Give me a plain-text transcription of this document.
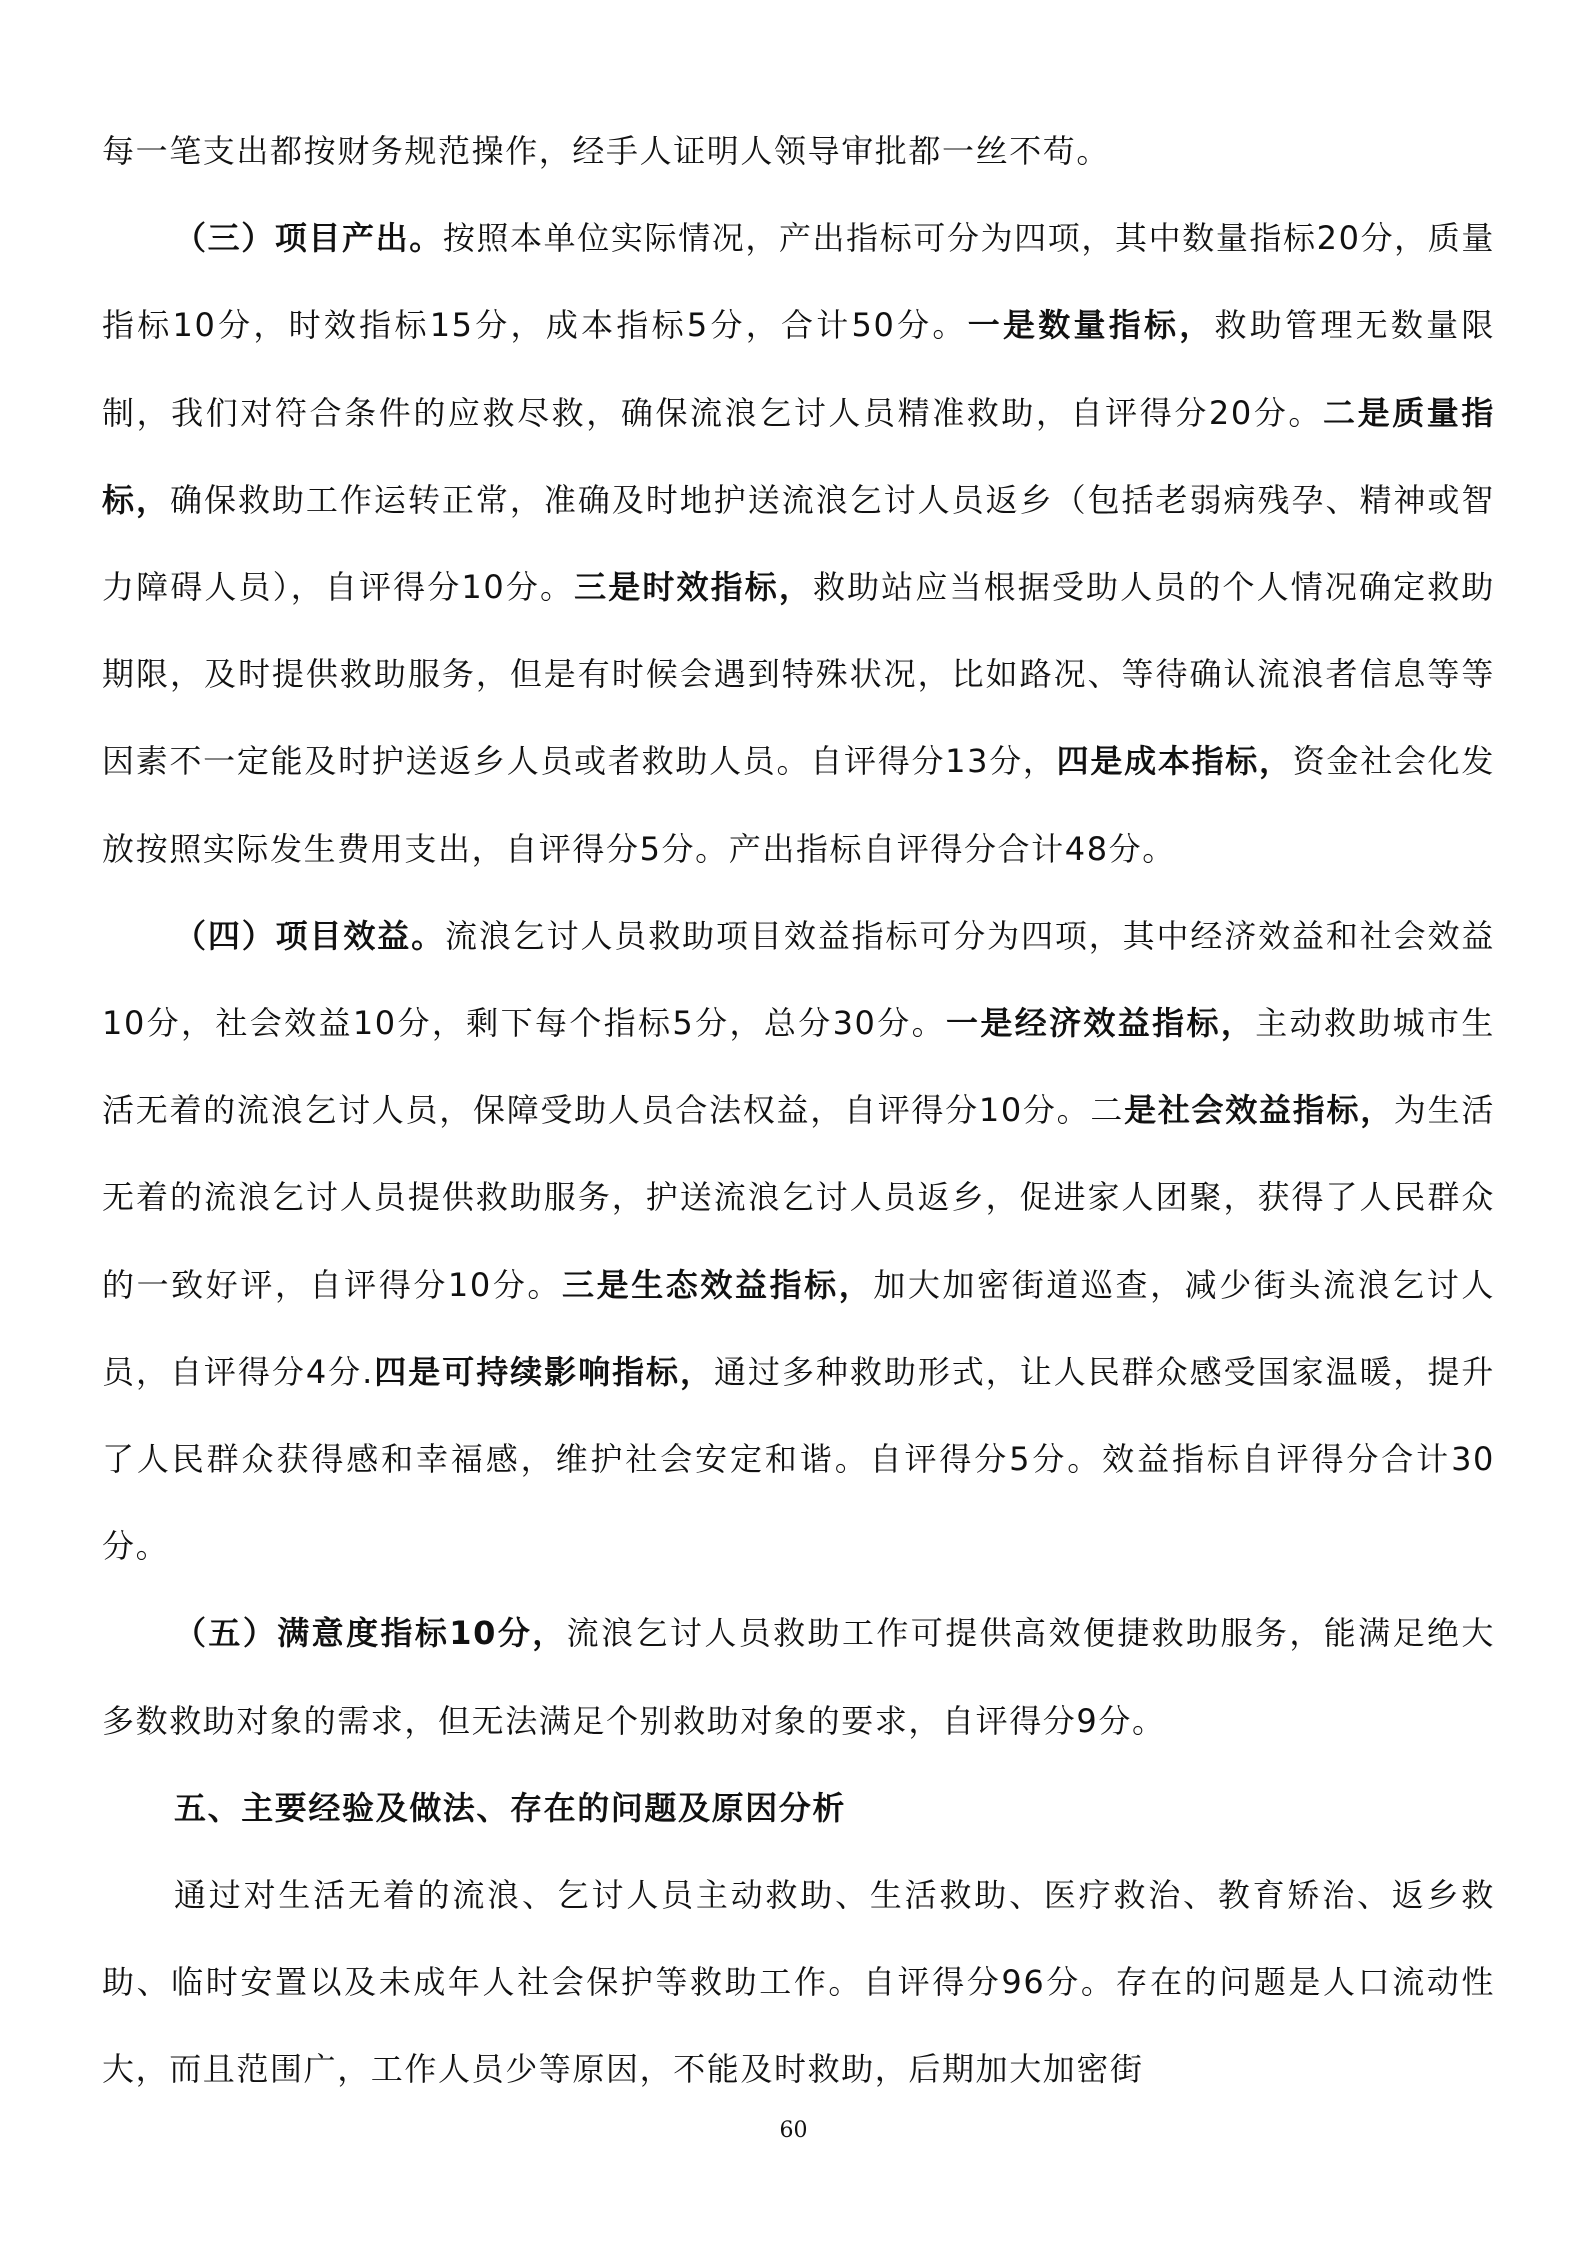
每一笔支出都按财务规范操作，经手人证明人领导审批都一丝不苟。

（三）项目产出。按照本单位实际情况，产出指标可分为四项，其中数量指标20分，质量指标10分，时效指标15分，成本指标5分，合计50分。一是数量指标，救助管理无数量限制，我们对符合条件的应救尽救，确保流浪乞讨人员精准救助，自评得分20分。二是质量指标，确保救助工作运转正常，准确及时地护送流浪乞讨人员返乡（包括老弱病残孕、精神或智力障碍人员），自评得分10分。三是时效指标，救助站应当根据受助人员的个人情况确定救助期限，及时提供救助服务，但是有时候会遇到特殊状况，比如路况、等待确认流浪者信息等等因素不一定能及时护送返乡人员或者救助人员。自评得分13分，四是成本指标，资金社会化发放按照实际发生费用支出，自评得分5分。产出指标自评得分合计48分。

（四）项目效益。流浪乞讨人员救助项目效益指标可分为四项，其中经济效益和社会效益10分，社会效益10分，剩下每个指标5分，总分30分。一是经济效益指标，主动救助城市生活无着的流浪乞讨人员，保障受助人员合法权益，自评得分10分。二是社会效益指标，为生活无着的流浪乞讨人员提供救助服务，护送流浪乞讨人员返乡，促进家人团聚，获得了人民群众的一致好评，自评得分10分。三是生态效益指标，加大加密街道巡查，减少街头流浪乞讨人员，自评得分4分.四是可持续影响指标，通过多种救助形式，让人民群众感受国家温暖，提升了人民群众获得感和幸福感，维护社会安定和谐。自评得分5分。效益指标自评得分合计30分。

（五）满意度指标10分，流浪乞讨人员救助工作可提供高效便捷救助服务，能满足绝大多数救助对象的需求，但无法满足个别救助对象的要求，自评得分9分。

五、主要经验及做法、存在的问题及原因分析

通过对生活无着的流浪、乞讨人员主动救助、生活救助、医疗救治、教育矫治、返乡救助、临时安置以及未成年人社会保护等救助工作。自评得分96分。存在的问题是人口流动性大，而且范围广，工作人员少等原因，不能及时救助，后期加大加密街

60
